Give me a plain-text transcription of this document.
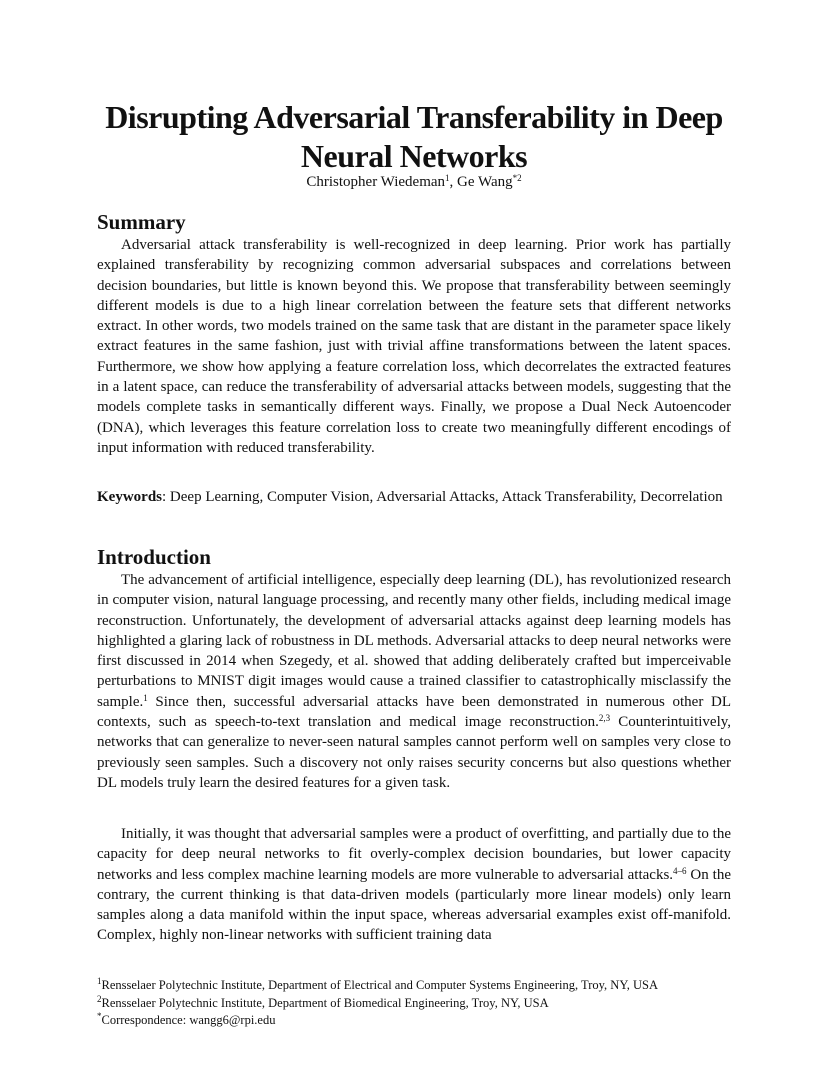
Disrupting Adversarial Transferability in Deep Neural Networks

Christopher Wiedeman$^1$, Ge Wang$^{*2}$

Summary

Adversarial attack transferability is well-recognized in deep learning. Prior work has partially explained transferability by recognizing common adversarial subspaces and correlations between decision boundaries, but little is known beyond this. We propose that transferability between seemingly different models is due to a high linear correlation between the feature sets that different networks extract. In other words, two models trained on the same task that are distant in the parameter space likely extract features in the same fashion, just with trivial affine transformations between the latent spaces. Furthermore, we show how applying a feature correlation loss, which decorrelates the extracted features in a latent space, can reduce the transferability of adversarial attacks between models, suggesting that the models complete tasks in semantically different ways. Finally, we propose a Dual Neck Autoencoder (DNA), which leverages this feature correlation loss to create two meaningfully different encodings of input information with reduced transferability.

Keywords: Deep Learning, Computer Vision, Adversarial Attacks, Attack Transferability, Decorrelation

Introduction

The advancement of artificial intelligence, especially deep learning (DL), has revolutionized research in computer vision, natural language processing, and recently many other fields, including medical image reconstruction. Unfortunately, the development of adversarial attacks against deep learning models has highlighted a glaring lack of robustness in DL methods. Adversarial attacks to deep neural networks were first discussed in 2014 when Szegedy, et al. showed that adding deliberately crafted but imperceivable perturbations to MNIST digit images would cause a trained classifier to catastrophically misclassify the sample.$^1$ Since then, successful adversarial attacks have been demonstrated in numerous other DL contexts, such as speech-to-text translation and medical image reconstruction.$^{2,3}$ Counterintuitively, networks that can generalize to never-seen natural samples cannot perform well on samples very close to previously seen samples. Such a discovery not only raises security concerns but also questions whether DL models truly learn the desired features for a given task.

Initially, it was thought that adversarial samples were a product of overfitting, and partially due to the capacity for deep neural networks to fit overly-complex decision boundaries, but lower capacity networks and less complex machine learning models are more vulnerable to adversarial attacks.$^{4-6}$ On the contrary, the current thinking is that data-driven models (particularly more linear models) only learn samples along a data manifold within the input space, whereas adversarial examples exist off-manifold. Complex, highly non-linear networks with sufficient training data

$^1$Rensselaer Polytechnic Institute, Department of Electrical and Computer Systems Engineering, Troy, NY, USA
$^2$Rensselaer Polytechnic Institute, Department of Biomedical Engineering, Troy, NY, USA
*Correspondence: wangg6@rpi.edu
